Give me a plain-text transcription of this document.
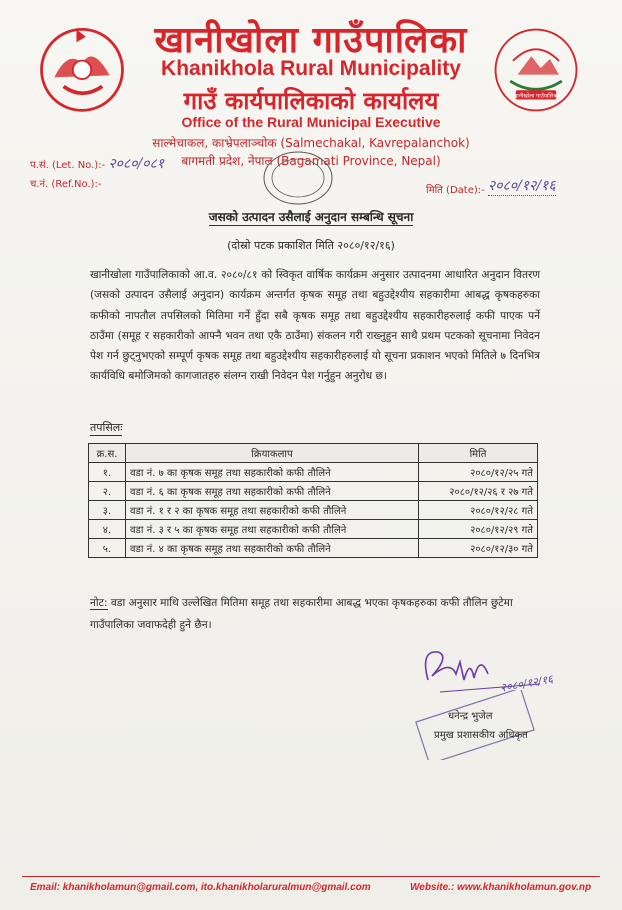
खानीखोला गाउँपालिका
खानीखोला गाउँपालिका
Khanikhola Rural Municipality
गाउँ कार्यपालिकाको कार्यालय
Office of the Rural Municipal Executive
साल्मेचाकल, काभ्रेपलाञ्चोक (Salmechakal, Kavrepalanchok)
बागमती प्रदेश, नेपाल (Bagamati Province, Nepal)
प.सं. (Let. No.):- २०८०/०८१
च.नं. (Ref.No.):-
मिति (Date):- २०८०/१२/१६
जसको उत्पादन उसैलाई अनुदान सम्बन्धि सूचना
(दोस्रो पटक प्रकाशित मिति २०८०/१२/१६)
खानीखोला गाउँपालिकाको आ.व. २०८०/८१ को स्विकृत वार्षिक कार्यक्रम अनुसार उत्पादनमा आधारित अनुदान वितरण (जसको उत्पादन उसैलाई अनुदान) कार्यक्रम अन्तर्गत कृषक समूह तथा बहुउद्देश्यीय सहकारीमा आबद्ध कृषकहरुका कफीको नापतौल तपसिलको मितिमा गर्ने हुँदा सबै कृषक समूह तथा बहुउद्देश्यीय सहकारीहरुलाई कफी पाएक पर्ने ठाउँमा (समूह र सहकारीको आफ्नै भवन तथा एकै ठाउँमा) संकलन गरी राख्नुहुन साथै प्रथम पटकको सूचनामा निवेदन पेश गर्न छुट्नुभएको सम्पूर्ण कृषक समूह तथा बहुउद्देश्यीय सहकारीहरुलाई यो सूचना प्रकाशन भएको मितिले ७ दिनभित्र कार्यविधि बमोजिमको कागजातहरु संलग्न राखी निवेदन पेश गर्नुहुन अनुरोध छ।
तपसिलः
क्र.स.	क्रियाकलाप	मिति
१.	वडा नं. ७ का कृषक समूह तथा सहकारीको कफी तौलिने	२०८०/१२/२५ गते
२.	वडा नं. ६ का कृषक समूह तथा सहकारीको कफी तौलिने	२०८०/१२/२६ र २७ गते
३.	वडा नं. १ र २ का कृषक समूह तथा सहकारीको कफी तौलिने	२०८०/१२/२८ गते
४.	वडा नं. ३ र ५ का कृषक समूह तथा सहकारीको कफी तौलिने	२०८०/१२/२९ गते
५.	वडा नं. ४ का कृषक समूह तथा सहकारीको कफी तौलिने	२०८०/१२/३० गते
नोट: वडा अनुसार माथि उल्लेखित मितिमा समूह तथा सहकारीमा आबद्ध भएका कृषकहरुका कफी तौलिन छुटेमा गाउँपालिका जवाफदेही हुने छैन।
२०८०/१२/१६
धनेन्द्र भुजेल
प्रमुख प्रशासकीय अधिकृत
Email: khanikholamun@gmail.com, ito.khanikholaruralmun@gmail.com	Website.: www.khanikholamun.gov.np
